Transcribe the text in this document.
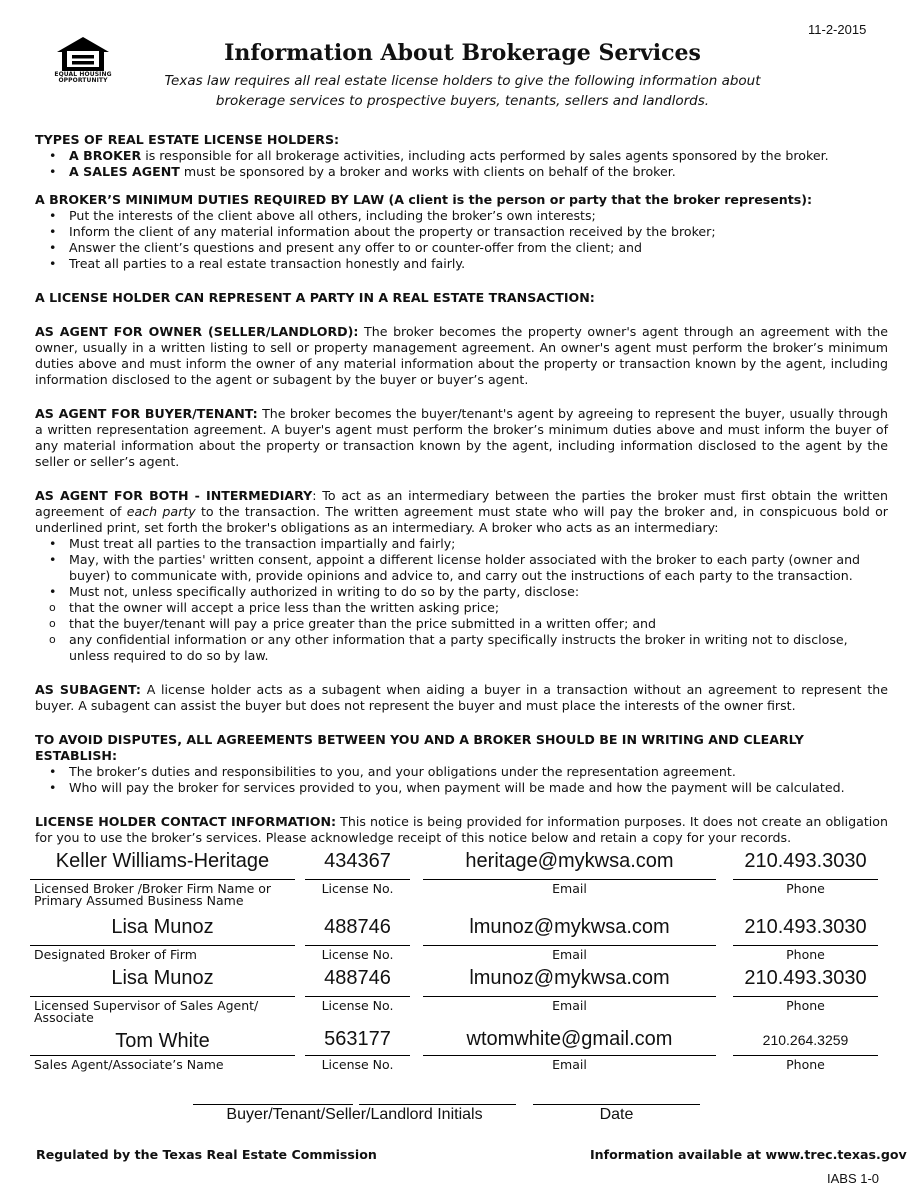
11-2-2015
EQUAL HOUSING
OPPORTUNITY
Information About Brokerage Services
Texas law requires all real estate license holders to give the following information about brokerage services to prospective buyers, tenants, sellers and landlords.
TYPES OF REAL ESTATE LICENSE HOLDERS:
• A BROKER is responsible for all brokerage activities, including acts performed by sales agents sponsored by the broker.
• A SALES AGENT must be sponsored by a broker and works with clients on behalf of the broker.
A BROKER’S MINIMUM DUTIES REQUIRED BY LAW (A client is the person or party that the broker represents):
• Put the interests of the client above all others, including the broker’s own interests;
• Inform the client of any material information about the property or transaction received by the broker;
• Answer the client’s questions and present any offer to or counter-offer from the client; and
• Treat all parties to a real estate transaction honestly and fairly.
A LICENSE HOLDER CAN REPRESENT A PARTY IN A REAL ESTATE TRANSACTION:

AS AGENT FOR OWNER (SELLER/LANDLORD): The broker becomes the property owner's agent through an agreement with the owner, usually in a written listing to sell or property management agreement. An owner's agent must perform the broker’s minimum duties above and must inform the owner of any material information about the property or transaction known by the agent, including information disclosed to the agent or subagent by the buyer or buyer’s agent.

AS AGENT FOR BUYER/TENANT: The broker becomes the buyer/tenant's agent by agreeing to represent the buyer, usually through a written representation agreement. A buyer's agent must perform the broker’s minimum duties above and must inform the buyer of any material information about the property or transaction known by the agent, including information disclosed to the agent by the seller or seller’s agent.

AS AGENT FOR BOTH - INTERMEDIARY: To act as an intermediary between the parties the broker must first obtain the written agreement of each party to the transaction. The written agreement must state who will pay the broker and, in conspicuous bold or underlined print, set forth the broker's obligations as an intermediary. A broker who acts as an intermediary:

• Must treat all parties to the transaction impartially and fairly;
• May, with the parties' written consent, appoint a different license holder associated with the broker to each party (owner and buyer) to communicate with, provide opinions and advice to, and carry out the instructions of each party to the transaction.
• Must not, unless specifically authorized in writing to do so by the party, disclose:
o that the owner will accept a price less than the written asking price;
o that the buyer/tenant will pay a price greater than the price submitted in a written offer; and
o any confidential information or any other information that a party specifically instructs the broker in writing not to disclose, unless required to do so by law.

AS SUBAGENT: A license holder acts as a subagent when aiding a buyer in a transaction without an agreement to represent the buyer. A subagent can assist the buyer but does not represent the buyer and must place the interests of the owner first.

TO AVOID DISPUTES, ALL AGREEMENTS BETWEEN YOU AND A BROKER SHOULD BE IN WRITING AND CLEARLY ESTABLISH:
• The broker’s duties and responsibilities to you, and your obligations under the representation agreement.
• Who will pay the broker for services provided to you, when payment will be made and how the payment will be calculated.

LICENSE HOLDER CONTACT INFORMATION: This notice is being provided for information purposes. It does not create an obligation for you to use the broker’s services. Please acknowledge receipt of this notice below and retain a copy for your records.

Keller Williams-Heritage	434367	heritage@mykwsa.com	210.493.3030
Licensed Broker /Broker Firm Name or Primary Assumed Business Name
License No.	Email	Phone
Lisa Munoz	488746	lmunoz@mykwsa.com	210.493.3030
Designated Broker of Firm	License No.	Email	Phone
Lisa Munoz	488746	lmunoz@mykwsa.com	210.493.3030
Licensed Supervisor of Sales Agent/ Associate
License No.	Email	Phone
Tom White	563177	wtomwhite@gmail.com	210.264.3259
Sales Agent/Associate’s Name	License No.	Email	Phone
Buyer/Tenant/Seller/Landlord Initials	Date
Regulated by the Texas Real Estate Commission	Information available at www.trec.texas.gov
IABS 1-0
